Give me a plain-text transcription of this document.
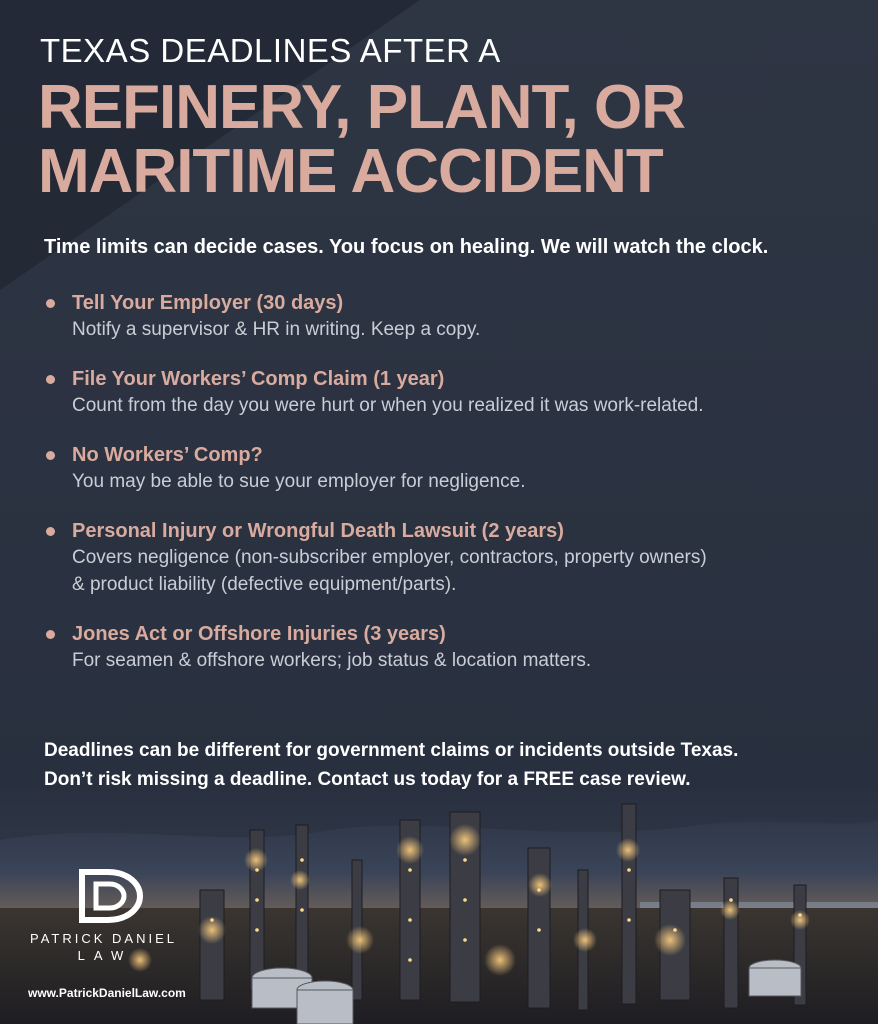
TEXAS DEADLINES AFTER A
REFINERY, PLANT, OR
MARITIME ACCIDENT
Time limits can decide cases. You focus on healing. We will watch the clock.
Tell Your Employer (30 days)
Notify a supervisor & HR in writing. Keep a copy.
File Your Workers’ Comp Claim (1 year)
Count from the day you were hurt or when you realized it was work-related.
No Workers’ Comp?
You may be able to sue your employer for negligence.
Personal Injury or Wrongful Death Lawsuit (2 years)
Covers negligence (non-subscriber employer, contractors, property owners)
& product liability (defective equipment/parts).
Jones Act or Offshore Injuries (3 years)
For seamen & offshore workers; job status & location matters.
Deadlines can be different for government claims or incidents outside Texas.
Don’t risk missing a deadline. Contact us today for a FREE case review.
PATRICK DANIEL
LAW
www.PatrickDanielLaw.com
